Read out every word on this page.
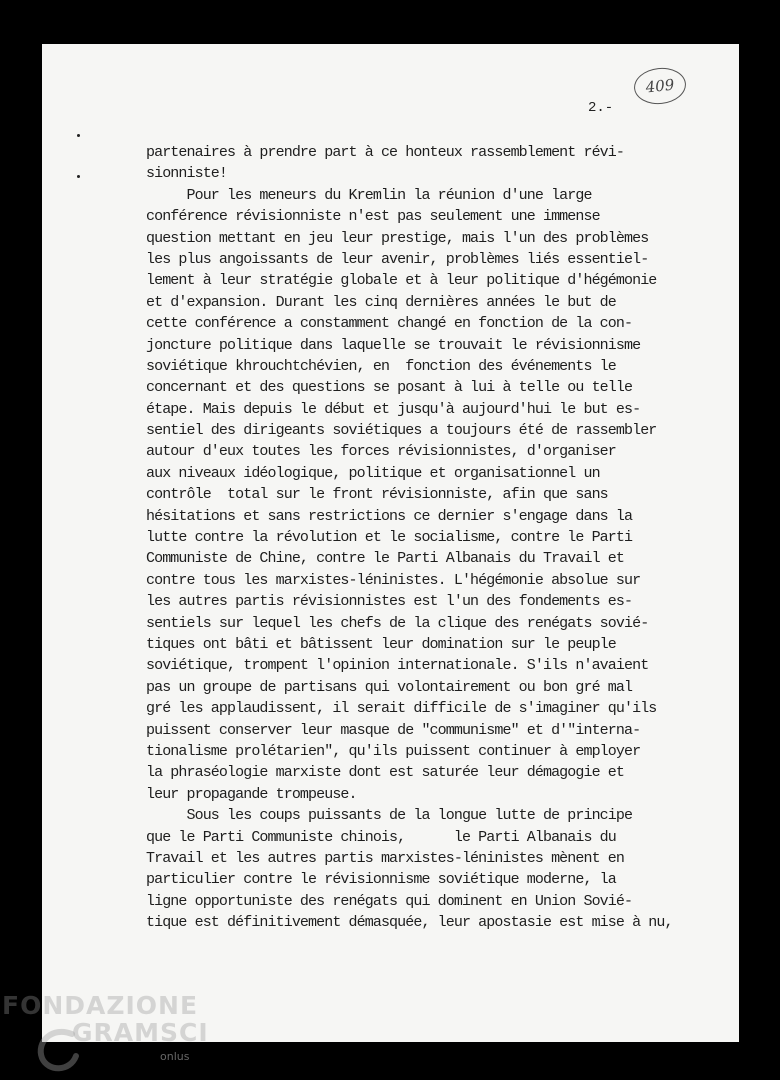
409
2.-
partenaires à prendre part à ce honteux rassemblement révi-
sionniste!
Pour les meneurs du Kremlin la réunion d'une large
conférence révisionniste n'est pas seulement une immense
question mettant en jeu leur prestige, mais l'un des problèmes
les plus angoissants de leur avenir, problèmes liés essentiel-
lement à leur stratégie globale et à leur politique d'hégémonie
et d'expansion. Durant les cinq dernières années le but de
cette conférence a constamment changé en fonction de la con-
joncture politique dans laquelle se trouvait le révisionnisme
soviétique khrouchtchévien, en  fonction des événements le
concernant et des questions se posant à lui à telle ou telle
étape. Mais depuis le début et jusqu'à aujourd'hui le but es-
sentiel des dirigeants soviétiques a toujours été de rassembler
autour d'eux toutes les forces révisionnistes, d'organiser
aux niveaux idéologique, politique et organisationnel un
contrôle  total sur le front révisionniste, afin que sans
hésitations et sans restrictions ce dernier s'engage dans la
lutte contre la révolution et le socialisme, contre le Parti
Communiste de Chine, contre le Parti Albanais du Travail et
contre tous les marxistes-léninistes. L'hégémonie absolue sur
les autres partis révisionnistes est l'un des fondements es-
sentiels sur lequel les chefs de la clique des renégats sovié-
tiques ont bâti et bâtissent leur domination sur le peuple
soviétique, trompent l'opinion internationale. S'ils n'avaient
pas un groupe de partisans qui volontairement ou bon gré mal
gré les applaudissent, il serait difficile de s'imaginer qu'ils
puissent conserver leur masque de "communisme" et d'"interna-
tionalisme prolétarien", qu'ils puissent continuer à employer
la phraséologie marxiste dont est saturée leur démagogie et
leur propagande trompeuse.
Sous les coups puissants de la longue lutte de principe
que le Parti Communiste chinois,      le Parti Albanais du
Travail et les autres partis marxistes-léninistes mènent en
particulier contre le révisionnisme soviétique moderne, la
ligne opportuniste des renégats qui dominent en Union Sovié-
tique est définitivement démasquée, leur apostasie est mise à nu,
FONDAZIONE
GRAMSCI
onlus
